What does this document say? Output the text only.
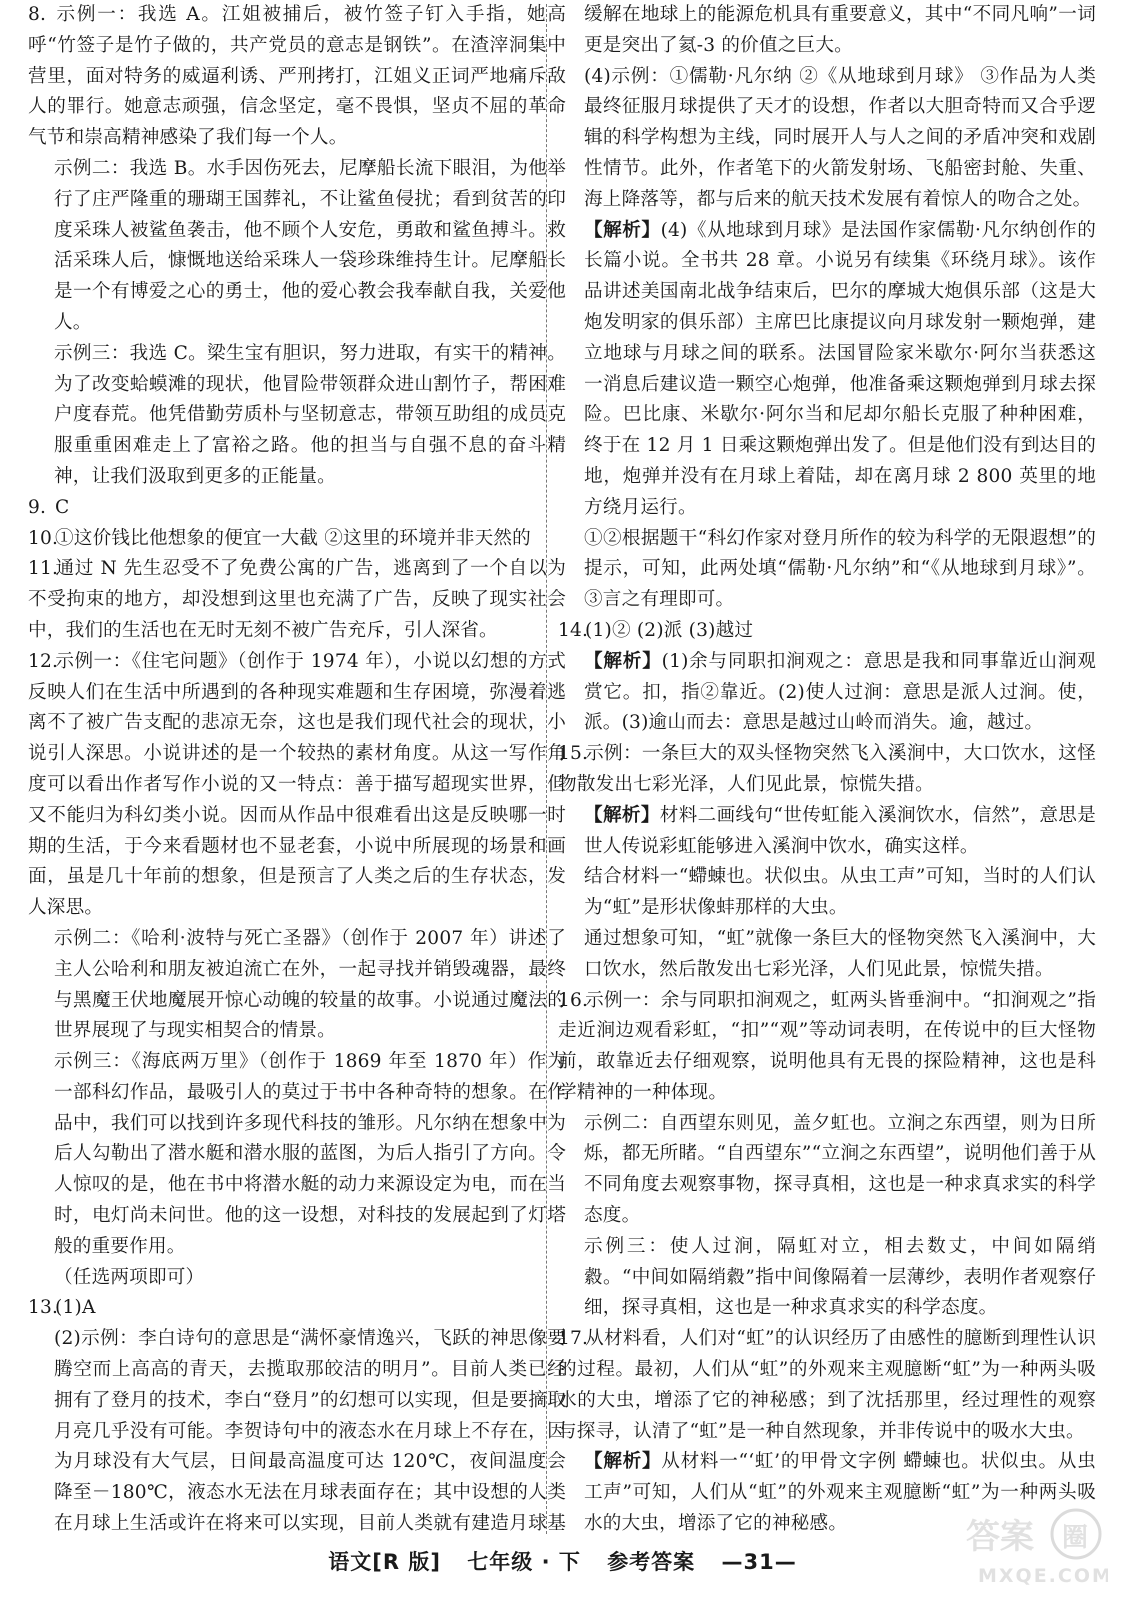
8. 示例一：我选 A。江姐被捕后，被竹签子钉入手指，她高呼“竹签子是竹子做的，共产党员的意志是钢铁”。在渣滓洞集中营里，面对特务的威逼利诱、严刑拷打，江姐义正词严地痛斥敌人的罪行。她意志顽强，信念坚定，毫不畏惧，坚贞不屈的革命气节和崇高精神感染了我们每一个人。

示例二：我选 B。水手因伤死去，尼摩船长流下眼泪，为他举行了庄严隆重的珊瑚王国葬礼，不让鲨鱼侵扰；看到贫苦的印度采珠人被鲨鱼袭击，他不顾个人安危，勇敢和鲨鱼搏斗。救活采珠人后，慷慨地送给采珠人一袋珍珠维持生计。尼摩船长是一个有博爱之心的勇士，他的爱心教会我奉献自我，关爱他人。

示例三：我选 C。梁生宝有胆识，努力进取，有实干的精神。为了改变蛤蟆滩的现状，他冒险带领群众进山割竹子，帮困难户度春荒。他凭借勤劳质朴与坚韧意志，带领互助组的成员克服重重困难走上了富裕之路。他的担当与自强不息的奋斗精神，让我们汲取到更多的正能量。

9. C

10.①这价钱比他想象的便宜一大截 ②这里的环境并非天然的

11.通过 N 先生忍受不了免费公寓的广告，逃离到了一个自以为不受拘束的地方，却没想到这里也充满了广告，反映了现实社会中，我们的生活也在无时无刻不被广告充斥，引人深省。

12.示例一：《住宅问题》（创作于 1974 年），小说以幻想的方式反映人们在生活中所遇到的各种现实难题和生存困境，弥漫着逃离不了被广告支配的悲凉无奈，这也是我们现代社会的现状，小说引人深思。小说讲述的是一个较热的素材角度。从这一写作角度可以看出作者写作小说的又一特点：善于描写超现实世界，但又不能归为科幻类小说。因而从作品中很难看出这是反映哪一时期的生活，于今来看题材也不显老套，小说中所展现的场景和画面，虽是几十年前的想象，但是预言了人类之后的生存状态，发人深思。

示例二：《哈利·波特与死亡圣器》（创作于 2007 年）讲述了主人公哈利和朋友被迫流亡在外，一起寻找并销毁魂器，最终与黑魔王伏地魔展开惊心动魄的较量的故事。小说通过魔法的世界展现了与现实相契合的情景。

示例三：《海底两万里》（创作于 1869 年至 1870 年）作为一部科幻作品，最吸引人的莫过于书中各种奇特的想象。在作品中，我们可以找到许多现代科技的雏形。凡尔纳在想象中为后人勾勒出了潜水艇和潜水服的蓝图，为后人指引了方向。令人惊叹的是，他在书中将潜水艇的动力来源设定为电，而在当时，电灯尚未问世。他的这一设想，对科技的发展起到了灯塔般的重要作用。

（任选两项即可）

13.(1)A

(2)示例：李白诗句的意思是“满怀豪情逸兴，飞跃的神思像要腾空而上高高的青天，去揽取那皎洁的明月”。目前人类已经拥有了登月的技术，李白“登月”的幻想可以实现，但是要摘取月亮几乎没有可能。李贺诗句中的液态水在月球上不存在，因为月球没有大气层，日间最高温度可达 120℃，夜间温度会降至－180℃，液态水无法在月球表面存在；其中设想的人类在月球上生活或许在将来可以实现，目前人类就有建造月球基

缓解在地球上的能源危机具有重要意义，其中“不同凡响”一词更是突出了氦-3 的价值之巨大。

(4)示例：①儒勒·凡尔纳 ②《从地球到月球》 ③作品为人类最终征服月球提供了天才的设想，作者以大胆奇特而又合乎逻辑的科学构想为主线，同时展开人与人之间的矛盾冲突和戏剧性情节。此外，作者笔下的火箭发射场、飞船密封舱、失重、海上降落等，都与后来的航天技术发展有着惊人的吻合之处。

【解析】(4)《从地球到月球》是法国作家儒勒·凡尔纳创作的长篇小说。全书共 28 章。小说另有续集《环绕月球》。该作品讲述美国南北战争结束后，巴尔的摩城大炮俱乐部（这是大炮发明家的俱乐部）主席巴比康提议向月球发射一颗炮弹，建立地球与月球之间的联系。法国冒险家米歇尔·阿尔当获悉这一消息后建议造一颗空心炮弹，他准备乘这颗炮弹到月球去探险。巴比康、米歇尔·阿尔当和尼却尔船长克服了种种困难，终于在 12 月 1 日乘这颗炮弹出发了。但是他们没有到达目的地，炮弹并没有在月球上着陆，却在离月球 2 800 英里的地方绕月运行。

①②根据题干“科幻作家对登月所作的较为科学的无限遐想”的提示，可知，此两处填“儒勒·凡尔纳”和“《从地球到月球》”。③言之有理即可。

14.(1)② (2)派 (3)越过

【解析】(1)余与同职扣涧观之：意思是我和同事靠近山涧观赏它。扣，指②靠近。(2)使人过涧：意思是派人过涧。使，派。(3)逾山而去：意思是越过山岭而消失。逾，越过。

15.示例：一条巨大的双头怪物突然飞入溪涧中，大口饮水，这怪物散发出七彩光泽，人们见此景，惊慌失措。

【解析】材料二画线句“世传虹能入溪涧饮水，信然”，意思是世人传说彩虹能够进入溪涧中饮水，确实这样。

结合材料一“螮蝀也。状似虫。从虫工声”可知，当时的人们认为“虹”是形状像蚌那样的大虫。

通过想象可知，“虹”就像一条巨大的怪物突然飞入溪涧中，大口饮水，然后散发出七彩光泽，人们见此景，惊慌失措。

16.示例一：余与同职扣涧观之，虹两头皆垂涧中。“扣涧观之”指走近涧边观看彩虹，“扣”“观”等动词表明，在传说中的巨大怪物前，敢靠近去仔细观察，说明他具有无畏的探险精神，这也是科学精神的一种体现。

示例二：自西望东则见，盖夕虹也。立涧之东西望，则为日所烁，都无所睹。“自西望东”“立涧之东西望”，说明他们善于从不同角度去观察事物，探寻真相，这也是一种求真求实的科学态度。

示例三：使人过涧，隔虹对立，相去数丈，中间如隔绡縠。“中间如隔绡縠”指中间像隔着一层薄纱，表明作者观察仔细，探寻真相，这也是一种求真求实的科学态度。

17.从材料看，人们对“虹”的认识经历了由感性的臆断到理性认识的过程。最初，人们从“虹”的外观来主观臆断“虹”为一种两头吸水的大虫，增添了它的神秘感；到了沈括那里，经过理性的观察与探寻，认清了“虹”是一种自然现象，并非传说中的吸水大虫。

【解析】从材料一“‘虹’的甲骨文字例 螮蝀也。状似虫。从虫工声”可知，人们从“虹”的外观来主观臆断“虹”为一种两头吸水的大虫，增添了它的神秘感。

语文[R 版] 七年级 · 下 参考答案 —31—
答案 圈
MXQE.COM
